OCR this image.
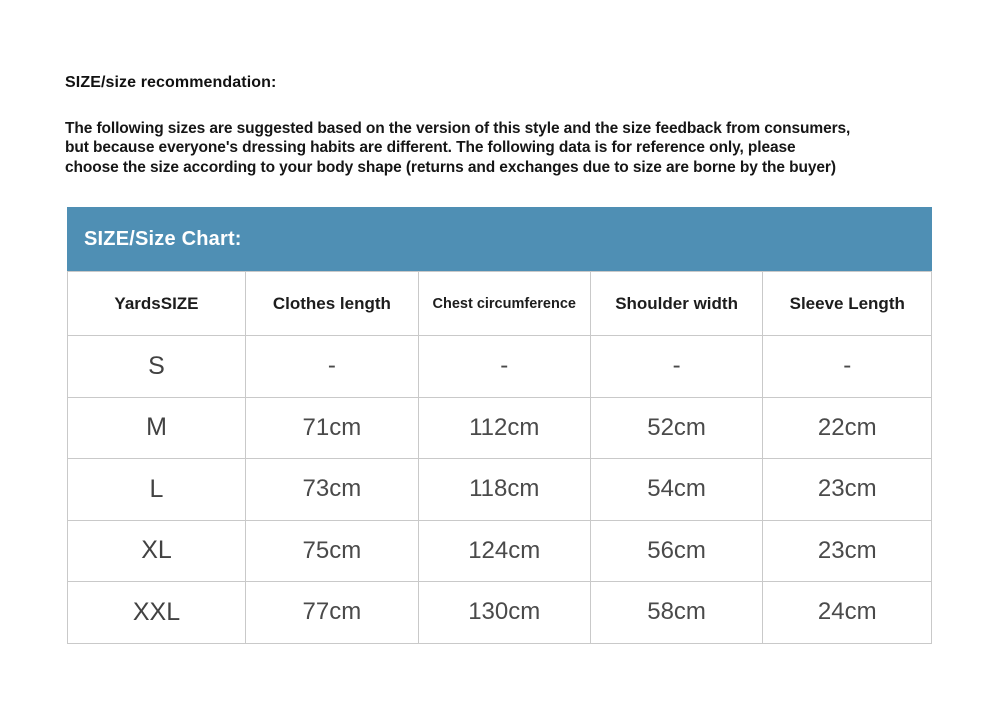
SIZE/size recommendation:
The following sizes are suggested based on the version of this style and the size feedback from consumers,
but because everyone's dressing habits are different. The following data is for reference only, please
choose the size according to your body shape (returns and exchanges due to size are borne by the buyer)
SIZE/Size Chart:
YardsSIZE	Clothes length	Chest circumference	Shoulder width	Sleeve Length
S	-	-	-	-
M	71cm	112cm	52cm	22cm
L	73cm	118cm	54cm	23cm
XL	75cm	124cm	56cm	23cm
XXL	77cm	130cm	58cm	24cm
